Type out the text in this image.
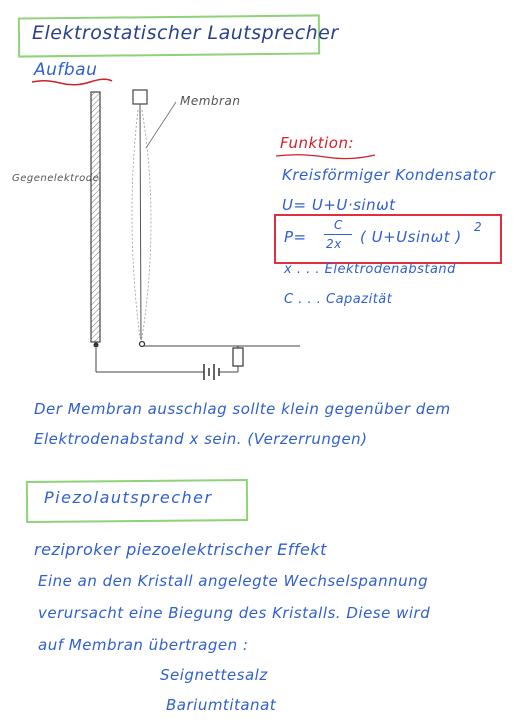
Elektrostatischer Lautsprecher
Aufbau
Membran
Gegenelektrode
Funktion:
Kreisförmiger Kondensator
U= U+U·sinωt
P=
C
2x ( U+Usinωt )
2
x . . . Elektrodenabstand
C . . . Capazität
Der Membran ausschlag sollte klein gegenüber dem
Elektrodenabstand x sein. (Verzerrungen)
Piezolautsprecher
reziproker piezoelektrischer Effekt
Eine an den Kristall angelegte Wechselspannung
verursacht eine Biegung des Kristalls. Diese wird
auf Membran übertragen :
Seignettesalz
Bariumtitanat
